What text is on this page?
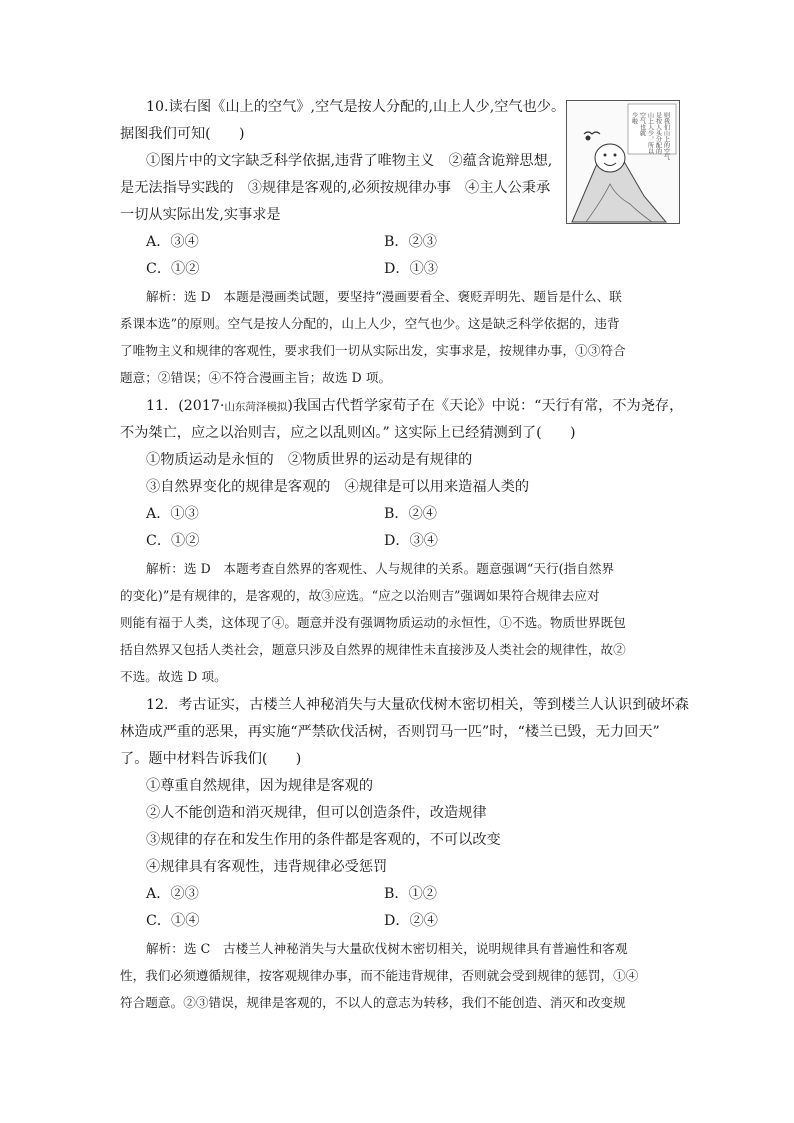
10.读右图《山上的空气》,空气是按人分配的,山上人少,空气也少。
据图我们可知(　　)
①图片中的文字缺乏科学依据,违背了唯物主义　②蕴含诡辩思想,
是无法指导实践的　③规律是客观的,必须按规律办事　④主人公秉承
一切从实际出发,实事求是
则我们山上的空气
是按人头分配的
山上人少，所以
空气也就
少啦
A．③④	B．②③
C．①②	D．①③
解析：选 D　本题是漫画类试题，要坚持“漫画要看全、褒贬弄明先、题旨是什么、联
系课本选”的原则。空气是按人分配的，山上人少，空气也少。这是缺乏科学依据的，违背
了唯物主义和规律的客观性，要求我们一切从实际出发，实事求是，按规律办事，①③符合
题意；②错误；④不符合漫画主旨；故选 D 项。
11．(2017·山东菏泽模拟)我国古代哲学家荀子在《天论》中说：“天行有常，不为尧存，
不为桀亡，应之以治则吉，应之以乱则凶。” 这实际上已经猜测到了(　　)
①物质运动是永恒的　②物质世界的运动是有规律的
③自然界变化的规律是客观的　④规律是可以用来造福人类的
A．①③	B．②④
C．①②	D．③④
解析：选 D　本题考查自然界的客观性、人与规律的关系。题意强调“天行(指自然界
的变化)”是有规律的，是客观的，故③应选。“应之以治则吉”强调如果符合规律去应对
则能有福于人类，这体现了④。题意并没有强调物质运动的永恒性，①不选。物质世界既包
括自然界又包括人类社会，题意只涉及自然界的规律性未直接涉及人类社会的规律性，故②
不选。故选 D 项。
12．考古证实，古楼兰人神秘消失与大量砍伐树木密切相关，等到楼兰人认识到破坏森
林造成严重的恶果，再实施“严禁砍伐活树，否则罚马一匹”时，“楼兰已毁，无力回天”
了。题中材料告诉我们(　　)
①尊重自然规律，因为规律是客观的
②人不能创造和消灭规律，但可以创造条件，改造规律
③规律的存在和发生作用的条件都是客观的，不可以改变
④规律具有客观性，违背规律必受惩罚
A．②③	B．①②
C．①④	D．②④
解析：选 C　古楼兰人神秘消失与大量砍伐树木密切相关，说明规律具有普遍性和客观
性，我们必须遵循规律，按客观规律办事，而不能违背规律，否则就会受到规律的惩罚，①④
符合题意。②③错误，规律是客观的，不以人的意志为转移，我们不能创造、消灭和改变规
